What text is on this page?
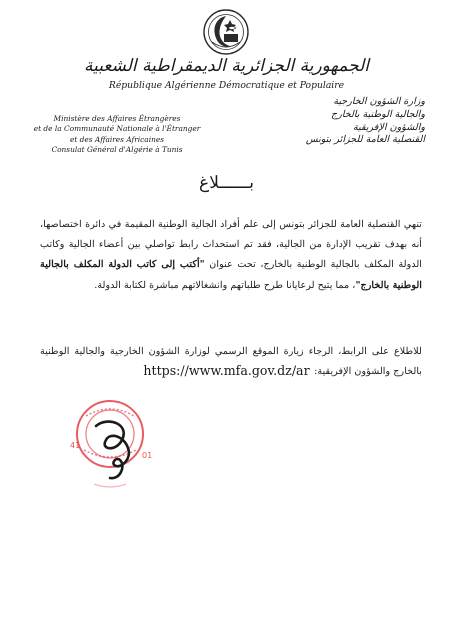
الجمهورية الجزائرية الديمقراطية الشعبية
République Algérienne Démocratique et Populaire
Ministère des Affaires Étrangères
et de la Communauté Nationale à l'Étranger
et des Affaires Africaines
Consulat Général d'Algérie à Tunis
وزارة الشؤون الخارجية
والجالية الوطنية بالخارج
والشؤون الإفريقية
القنصلية العامة للجزائر بتونس
بــــــلاغ
تنهي القنصلية العامة للجزائر بتونس إلى علم أفراد الجالية الوطنية المقيمة في دائرة اختصاصها، أنه بهدف تقريب الإدارة من الجالية، فقد تم استحداث رابط تواصلي بين أعضاء الجالية وكاتب الدولة المكلف بالجالية الوطنية بالخارج، تحت عنوان "أكتب إلى كاتب الدولة المكلف بالجالية الوطنية بالخارج"، مما يتيح لرعايانا طرح طلباتهم وانشغالاتهم مباشرة لكتابة الدولة.
للاطلاع على الرابط، الرجاء زيارة الموقع الرسمي لوزارة الشؤون الخارجية والجالية الوطنية بالخارج والشؤون الإفريقية:
https://www.mfa.gov.dz/ar
41
01
